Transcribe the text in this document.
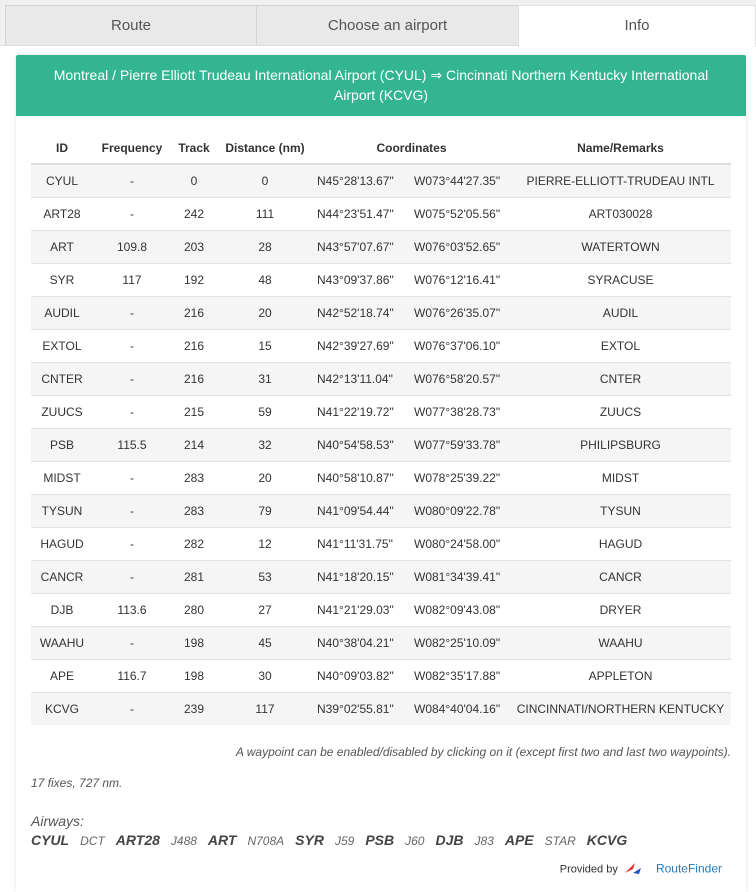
Route	Choose an airport	Info
Montreal / Pierre Elliott Trudeau International Airport (CYUL) ⇒ Cincinnati Northern Kentucky International Airport (KCVG)
ID	Frequency	Track	Distance (nm)	Coordinates		Name/Remarks
CYUL	-	0	0	N45°28'13.67"	W073°44'27.35"	PIERRE-ELLIOTT-TRUDEAU INTL
ART28	-	242	111	N44°23'51.47"	W075°52'05.56"	ART030028
ART	109.8	203	28	N43°57'07.67"	W076°03'52.65"	WATERTOWN
SYR	117	192	48	N43°09'37.86"	W076°12'16.41"	SYRACUSE
AUDIL	-	216	20	N42°52'18.74"	W076°26'35.07"	AUDIL
EXTOL	-	216	15	N42°39'27.69"	W076°37'06.10"	EXTOL
CNTER	-	216	31	N42°13'11.04"	W076°58'20.57"	CNTER
ZUUCS	-	215	59	N41°22'19.72"	W077°38'28.73"	ZUUCS
PSB	115.5	214	32	N40°54'58.53"	W077°59'33.78"	PHILIPSBURG
MIDST	-	283	20	N40°58'10.87"	W078°25'39.22"	MIDST
TYSUN	-	283	79	N41°09'54.44"	W080°09'22.78"	TYSUN
HAGUD	-	282	12	N41°11'31.75"	W080°24'58.00"	HAGUD
CANCR	-	281	53	N41°18'20.15"	W081°34'39.41"	CANCR
DJB	113.6	280	27	N41°21'29.03"	W082°09'43.08"	DRYER
WAAHU	-	198	45	N40°38'04.21"	W082°25'10.09"	WAAHU
APE	116.7	198	30	N40°09'03.82"	W082°35'17.88"	APPLETON
KCVG	-	239	117	N39°02'55.81"	W084°40'04.16"	CINCINNATI/NORTHERN KENTUCKY
A waypoint can be enabled/disabled by clicking on it (except first two and last two waypoints).
17 fixes, 727 nm.
Airways:
CYUL DCT ART28 J488 ART N708A SYR J59 PSB J60 DJB J83 APE STAR KCVG
Provided by	RouteFinder
